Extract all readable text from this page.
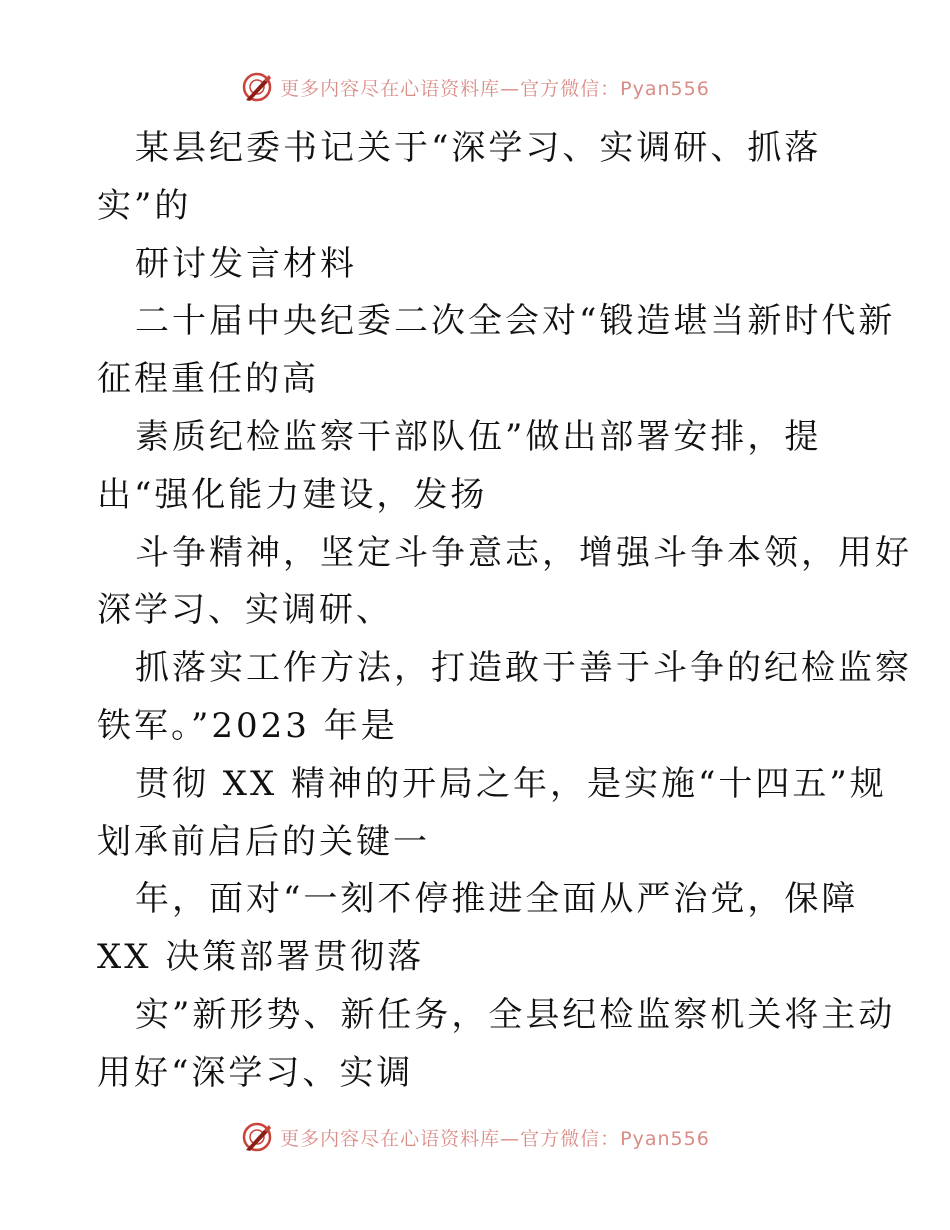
更多内容尽在心语资料库—官方微信：Pyan556
某县纪委书记关于“深学习、实调研、抓落
实”的
研讨发言材料
二十届中央纪委二次全会对“锻造堪当新时代新
征程重任的高
素质纪检监察干部队伍”做出部署安排，提
出“强化能力建设，发扬
斗争精神，坚定斗争意志，增强斗争本领，用好
深学习、实调研、
抓落实工作方法，打造敢于善于斗争的纪检监察
铁军。”2023 年是
贯彻 XX 精神的开局之年，是实施“十四五”规
划承前启后的关键一
年，面对“一刻不停推进全面从严治党，保障
XX 决策部署贯彻落
实”新形势、新任务，全县纪检监察机关将主动
用好“深学习、实调
更多内容尽在心语资料库—官方微信：Pyan556
